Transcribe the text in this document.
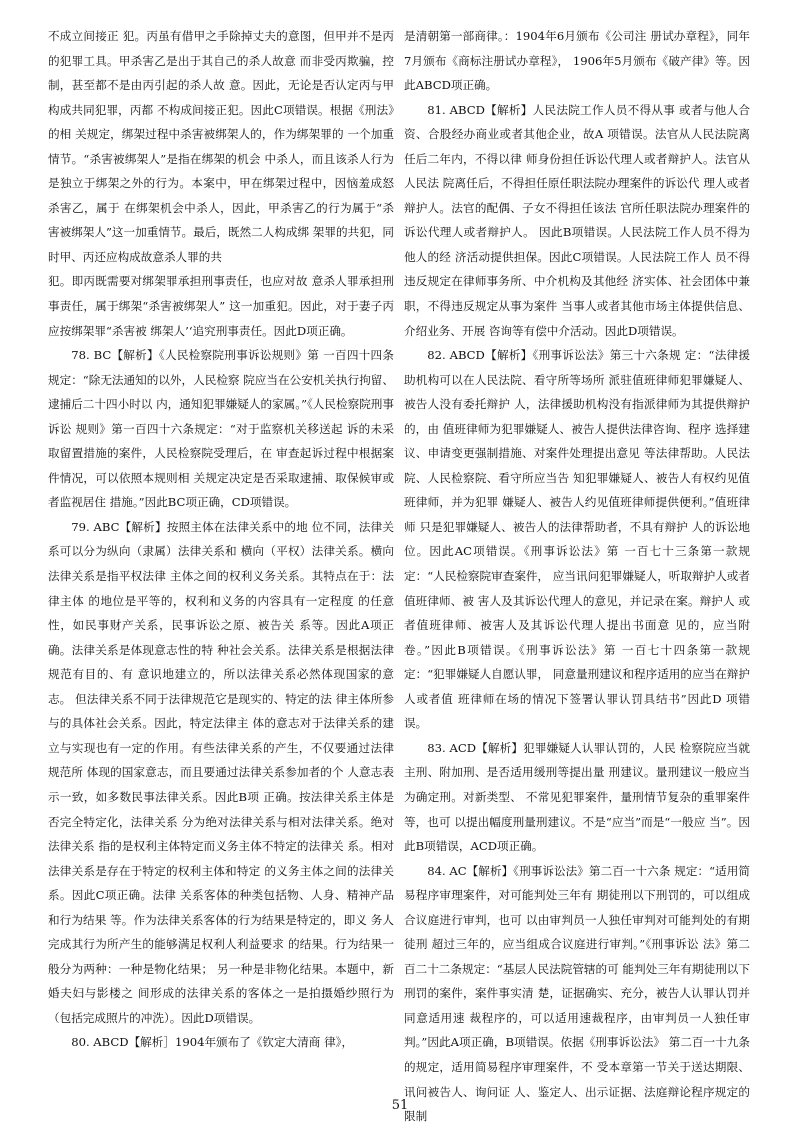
不成立间接正 犯。丙虽有借甲之手除掉丈夫的意图，但甲并不是丙的犯罪工具。甲杀害乙是出于其自己的杀人故意 而非受丙欺骗，控制，甚至都不是由丙引起的杀人故 意。因此，无论是否认定丙与甲构成共同犯罪，丙都 不构成间接正犯。因此C项错误。根据《刑法》的相 关规定，绑架过程中杀害被绑架人的，作为绑架罪的 一个加重情节。“杀害被绑架人”是指在绑架的机会 中杀人，而且该杀人行为是独立于绑架之外的行为。本案中，甲在绑架过程中，因恼羞成怒杀害乙，属于 在绑架机会中杀人，因此，甲杀害乙的行为属于“杀 害被绑架人”这一加重情节。最后，既然二人构成绑 架罪的共犯，同时甲、丙还应构成故意杀人罪的共

犯。即丙既需要对绑架罪承担刑事责任，也应对故 意杀人罪承担刑事责任，属于绑架“杀害被绑架人” 这一加重犯。因此，对于妻子丙应按绑架罪“杀害被 绑架人’‘追究刑事责任。因此D项正确。

78. BC【解析】《人民检察院刑事诉讼规则》第 一百四十四条规定：“除无法通知的以外，人民检察 院应当在公安机关执行拘留、逮捕后二十四小时以 内，通知犯罪嫌疑人的家属。”《人民检察院刑事诉讼 规则》第一百四十六条规定：“对于监察机关移送起 诉的未采取留置措施的案件，人民检察院受理后，在 审查起诉过程中根据案件情况，可以依照本规则相 关规定决定是否采取逮捕、取保候审或者监视居住 措施。”因此BC项正确，CD项错误。

79. ABC【解析】按照主体在法律关系中的地 位不同，法律关系可以分为纵向（隶属）法律关系和 横向（平权）法律关系。横向法律关系是指平权法律 主体之间的权利义务关系。其特点在于：法律主体 的地位是平等的，权利和义务的内容具有一定程度 的任意性，如民事财产关系，民事诉讼之原、被告关 系等。因此A项正确。法律关系是体现意志性的特 种社会关系。法律关系是根据法律规范有目的、有 意识地建立的，所以法律关系必然体现国家的意志。 但法律关系不同于法律规范它是现实的、特定的法 律主体所参与的具体社会关系。因此，特定法律主 体的意志对于法律关系的建立与实现也有一定的作用。有些法律关系的产生，不仅要通过法律规范所 体现的国家意志，而且要通过法律关系参加者的个 人意志表示一致，如多数民事法律关系。因此B项 正确。按法律关系主体是否完全特定化，法律关系 分为绝对法律关系与相对法律关系。绝对法律关系 指的是权利主体特定而义务主体不特定的法律关 系。相对法律关系是存在于特定的权利主体和特定 的义务主体之间的法律关系。因此C项正确。法律 关系客体的种类包括物、人身、精神产品和行为结果 等。作为法律关系客体的行为结果是特定的，即义 务人完成其行为所产生的能够满足权利人利益要求 的结果。行为结果一般分为两种：一种是物化结果； 另一种是非物化结果。本题中，新婚夫妇与影楼之 间形成的法律关系的客体之一是拍摄婚纱照行为 （包括完成照片的冲洗）。因此D项错误。

80. ABCD【解析］1904年颁布了《钦定大清商 律》，

是清朝第一部商律。：1904年6月颁布《公司注 册试办章程》，同年7月颁布《商标注册试办章程》， 1906年5月颁布《破产律》等。因此ABCD项正确。

81. ABCD【解析】人民法院工作人员不得从事 或者与他人合资、合股经办商业或者其他企业，故A 项错误。法官从人民法院离任后二年内，不得以律 师身份担任诉讼代理人或者辩护人。法官从人民法 院离任后，不得担任原任职法院办理案件的诉讼代 理人或者辩护人。法官的配偶、子女不得担任该法 官所任职法院办理案件的诉讼代理人或者辩护人。 因此B项错误。人民法院工作人员不得为他人的经 济活动提供担保。因此C项错误。人民法院工作人 员不得违反规定在律师事务所、中介机构及其他经 济实体、社会团体中兼职，不得违反规定从事为案件 当事人或者其他市场主体提供信息、介绍业务、开展 咨询等有偿中介活动。因此D项错误。

82. ABCD【解析】《刑事诉讼法》第三十六条规 定：“法律援助机构可以在人民法院、看守所等场所 派驻值班律师犯罪嫌疑人、被告人没有委托辩护 人，法律援助机构没有指派律师为其提供辩护的，由 值班律师为犯罪嫌疑人、被告人提供法律咨询、程序 选择建议、申请变更强制措施、对案件处理提出意见 等法律帮助。人民法院、人民检察院、看守所应当告 知犯罪嫌疑人、被告人有权约见值班律师，并为犯罪 嫌疑人、被告人约见值班律师提供便利。”值班律师 只是犯罪嫌疑人、被告人的法律帮助者，不具有辩护 人的诉讼地位。因此AC项错误。《刑事诉讼法》第 一百七十三条第一款规定：“人民检察院审查案件， 应当讯问犯罪嫌疑人，听取辩护人或者值班律师、被 害人及其诉讼代理人的意见，并记录在案。辩护人 或者值班律师、被害人及其诉讼代理人提出书面意 见的，应当附卷。”因此B项错误。《刑事诉讼法》第 一百七十四条第一款规定：“犯罪嫌疑人自愿认罪， 同意量刑建议和程序适用的应当在辩护人或者值 班律师在场的情况下签署认罪认罚具结书”因此D 项错误。

83. ACD【解析】犯罪嫌疑人认罪认罚的，人民 检察院应当就主刑、附加刑、是否适用缓刑等提出量 刑建议。量刑建议一般应当为确定刑。对新类型、 不常见犯罪案件，量刑情节复杂的重罪案件等，也可 以提出幅度刑量刑建议。不是“应当”而是“一般应 当”。因此B项错误，ACD项正确。

84. AC【解析】《刑事诉讼法》第二百一十六条 规定：“适用简易程序审理案件，对可能判处三年有 期徒刑以下刑罚的，可以组成合议庭进行审判，也可 以由审判员一人独任审判对可能判处的有期徒刑 超过三年的，应当组成合议庭进行审判。”《刑事诉讼 法》第二百二十二条规定：“基层人民法院管辖的可 能判处三年有期徒刑以下刑罚的案件，案件事实清 楚，证据确实、充分，被告人认罪认罚并同意适用速 裁程序的，可以适用速裁程序，由审判员一人独任审 判。”因此A项正确，B项错误。依据《刑事诉讼法》 第二百一十九条的规定，适用简易程序审理案件，不 受本章第一节关于送达期限、讯问被告人、询问证 人、鉴定人、出示证据、法庭辩论程序规定的限制

51
